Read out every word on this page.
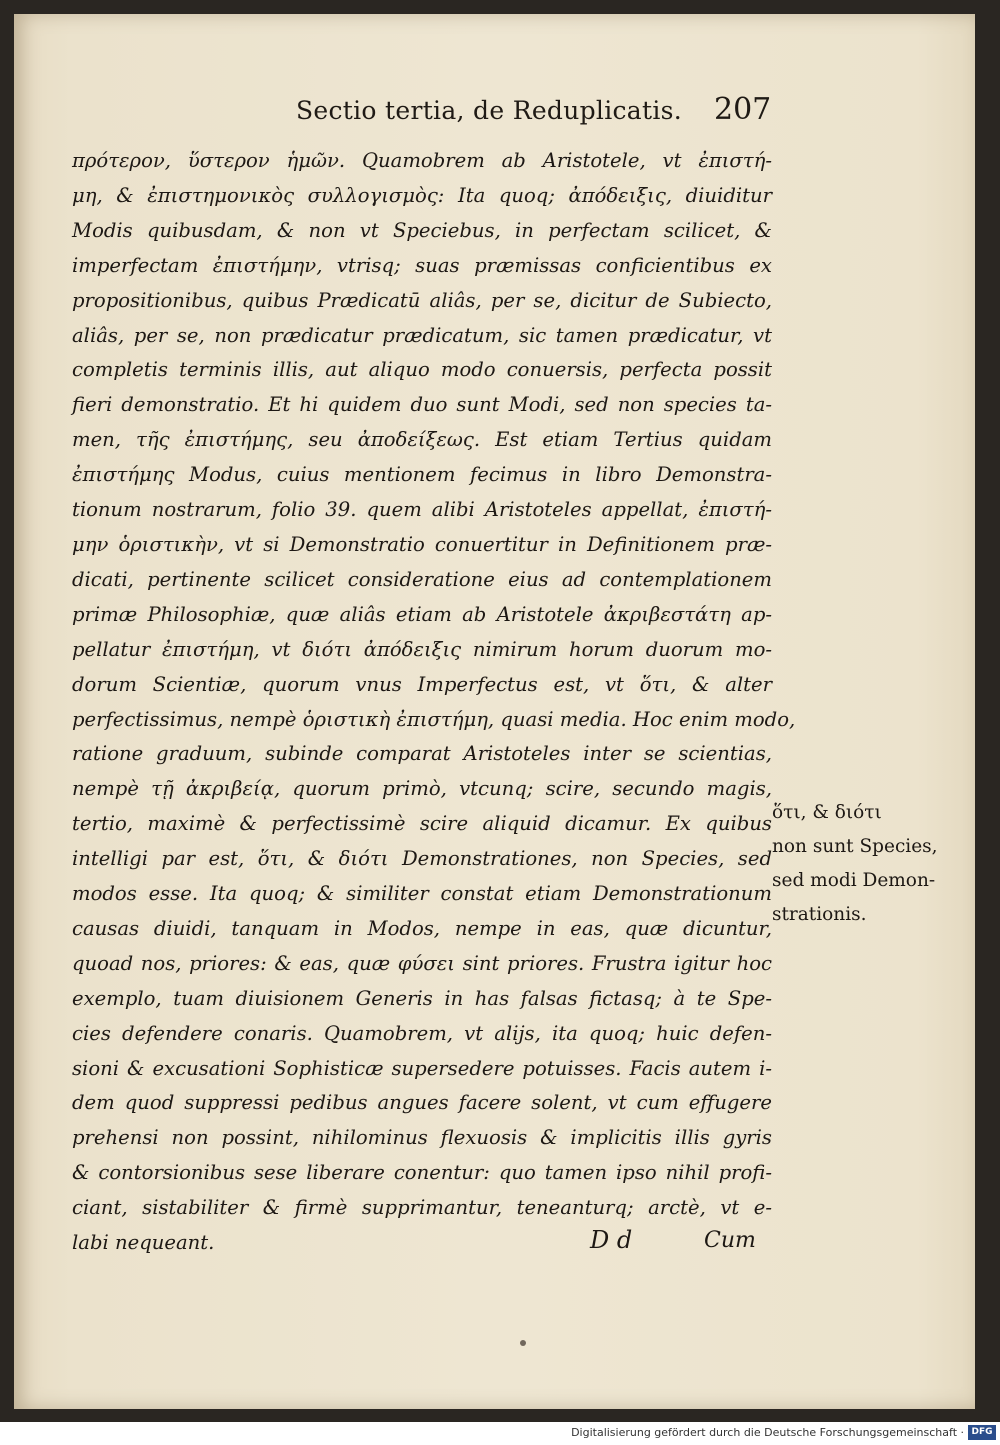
Sectio tertia, de Reduplicatis.	207
πρότερον, ὕστερον ἡμῶν. Quamobrem ab Aristotele, vt ἐπιστή-
μη, & ἐπιστημονικὸς συλλογισμὸς: Ita quoq; ἀπόδειξις, diuiditur
Modis quibusdam, & non vt Speciebus, in perfectam scilicet, &
imperfectam ἐπιστήμην, vtrisq; suas præmissas conficientibus ex
propositionibus, quibus Prædicatū aliâs, per se, dicitur de Subiecto,
aliâs, per se, non prædicatur prædicatum, sic tamen prædicatur, vt
completis terminis illis, aut aliquo modo conuersis, perfecta possit
fieri demonstratio. Et hi quidem duo sunt Modi, sed non species ta-
men, τῆς ἐπιστήμης, seu ἀποδείξεως. Est etiam Tertius quidam
ἐπιστήμης Modus, cuius mentionem fecimus in libro Demonstra-
tionum nostrarum, folio 39. quem alibi Aristoteles appellat, ἐπιστή-
μην ὁριστικὴν, vt si Demonstratio conuertitur in Definitionem præ-
dicati, pertinente scilicet consideratione eius ad contemplationem
primæ Philosophiæ, quæ aliâs etiam ab Aristotele ἀκριβεστάτη ap-
pellatur ἐπιστήμη, vt διότι ἀπόδειξις nimirum horum duorum mo-
dorum Scientiæ, quorum vnus Imperfectus est, vt ὅτι, & alter
perfectissimus, nempè ὁριστικὴ ἐπιστήμη, quasi media. Hoc enim modo,
ratione graduum, subinde comparat Aristoteles inter se scientias,
nempè τῇ ἀκριβείᾳ, quorum primò, vtcunq; scire, secundo magis,
tertio, maximè & perfectissimè scire aliquid dicamur. Ex quibus
intelligi par est, ὅτι, & διότι Demonstrationes, non Species, sed
modos esse. Ita quoq; & similiter constat etiam Demonstrationum
causas diuidi, tanquam in Modos, nempe in eas, quæ dicuntur,
quoad nos, priores: & eas, quæ φύσει sint priores. Frustra igitur hoc
exemplo, tuam diuisionem Generis in has falsas fictasq; à te Spe-
cies defendere conaris. Quamobrem, vt alijs, ita quoq; huic defen-
sioni & excusationi Sophisticæ supersedere potuisses. Facis autem i-
dem quod suppressi pedibus angues facere solent, vt cum effugere
prehensi non possint, nihilominus flexuosis & implicitis illis gyris
& contorsionibus sese liberare conentur: quo tamen ipso nihil profi-
ciant, sistabiliter & firmè supprimantur, teneanturq; arctè, vt e-
labi nequeant.
ὅτι, & διότι
non sunt Species,
sed modi Demon-
strationis.
D d	Cum
Digitalisierung gefördert durch die Deutsche Forschungsgemeinschaft · DFG
